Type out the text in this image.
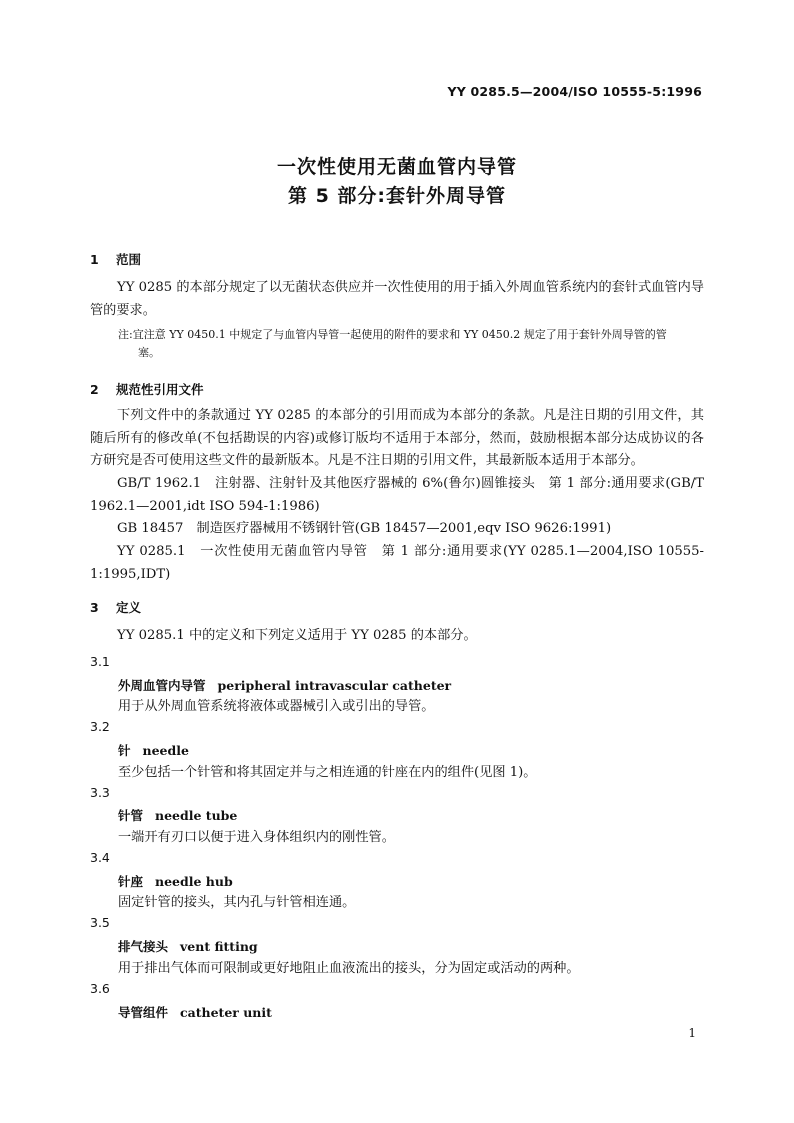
YY 0285.5—2004/ISO 10555-5:1996
一次性使用无菌血管内导管
第 5 部分:套针外周导管
1 范围
YY 0285 的本部分规定了以无菌状态供应并一次性使用的用于插入外周血管系统内的套针式血管内导管的要求。
注:宜注意 YY 0450.1 中规定了与血管内导管一起使用的附件的要求和 YY 0450.2 规定了用于套针外周导管的管
塞。
2 规范性引用文件
下列文件中的条款通过 YY 0285 的本部分的引用而成为本部分的条款。凡是注日期的引用文件，其随后所有的修改单(不包括勘误的内容)或修订版均不适用于本部分，然而，鼓励根据本部分达成协议的各方研究是否可使用这些文件的最新版本。凡是不注日期的引用文件，其最新版本适用于本部分。
GB/T 1962.1　注射器、注射针及其他医疗器械的 6%(鲁尔)圆锥接头　第 1 部分:通用要求(GB/T 1962.1—2001,idt ISO 594-1:1986)
GB 18457　制造医疗器械用不锈钢针管(GB 18457—2001,eqv ISO 9626:1991)
YY 0285.1　一次性使用无菌血管内导管　第 1 部分:通用要求(YY 0285.1—2004,ISO 10555-1:1995,IDT)
3 定义
YY 0285.1 中的定义和下列定义适用于 YY 0285 的本部分。
3.1
外周血管内导管 peripheral intravascular catheter
用于从外周血管系统将液体或器械引入或引出的导管。
3.2
针 needle
至少包括一个针管和将其固定并与之相连通的针座在内的组件(见图 1)。
3.3
针管 needle tube
一端开有刃口以便于进入身体组织内的刚性管。
3.4
针座 needle hub
固定针管的接头，其内孔与针管相连通。
3.5
排气接头 vent fitting
用于排出气体而可限制或更好地阻止血液流出的接头，分为固定或活动的两种。
3.6
导管组件 catheter unit
1
